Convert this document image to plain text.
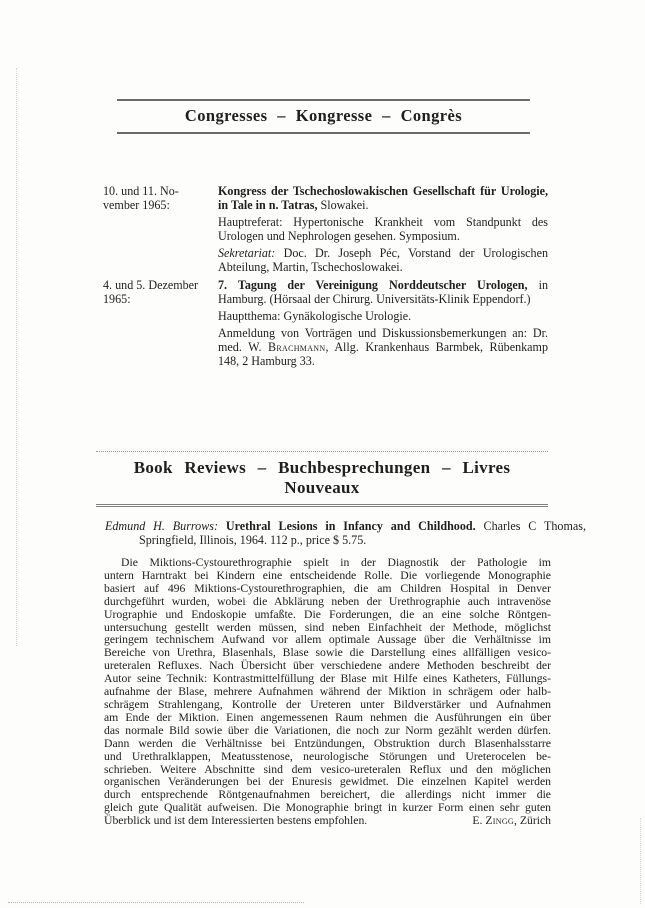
Congresses – Kongresse – Congrès
10. und 11. No-
vember 1965:

Kongress der Tschechoslowakischen Gesellschaft für Urologie, in Tale in n. Tatras, Slowakei.

Hauptreferat: Hypertonische Krankheit vom Standpunkt des Urologen und Nephrologen gesehen. Symposium.

Sekretariat: Doc. Dr. Joseph Péc, Vorstand der Urologischen Abteilung, Martin, Tschechoslowakei.

4. und 5. Dezember
1965:

7. Tagung der Vereinigung Norddeutscher Urologen, in Hamburg. (Hörsaal der Chirurg. Universitäts-Klinik Eppendorf.)

Hauptthema: Gynäkologische Urologie.

Anmeldung von Vorträgen und Diskussionsbemerkungen an: Dr. med. W. Brachmann, Allg. Krankenhaus Barmbek, Rübenkamp 148, 2 Hamburg 33.

Book Reviews – Buchbesprechungen – Livres Nouveaux

Edmund H. Burrows: Urethral Lesions in Infancy and Childhood. Charles C Thomas, Springfield, Illinois, 1964. 112 p., price $ 5.75.

Die Miktions-Cystourethrographie spielt in der Diagnostik der Pathologie im
untern Harntrakt bei Kindern eine entscheidende Rolle. Die vorliegende Monographie
basiert auf 496 Miktions-Cystourethrographien, die am Children Hospital in Denver
durchgeführt wurden, wobei die Abklärung neben der Urethrographie auch intravenöse
Urographie und Endoskopie umfaßte. Die Forderungen, die an eine solche Röntgen-
untersuchung gestellt werden müssen, sind neben Einfachheit der Methode, möglichst
geringem technischem Aufwand vor allem optimale Aussage über die Verhältnisse im
Bereiche von Urethra, Blasenhals, Blase sowie die Darstellung eines allfälligen vesico-
ureteralen Refluxes. Nach Übersicht über verschiedene andere Methoden beschreibt der
Autor seine Technik: Kontrastmittelfüllung der Blase mit Hilfe eines Katheters, Füllungs-
aufnahme der Blase, mehrere Aufnahmen während der Miktion in schrägem oder halb-
schrägem Strahlengang, Kontrolle der Ureteren unter Bildverstärker und Aufnahmen
am Ende der Miktion. Einen angemessenen Raum nehmen die Ausführungen ein über
das normale Bild sowie über die Variationen, die noch zur Norm gezählt werden dürfen.
Dann werden die Verhältnisse bei Entzündungen, Obstruktion durch Blasenhalsstarre
und Urethralklappen, Meatusstenose, neurologische Störungen und Ureterocelen be-
schrieben. Weitere Abschnitte sind dem vesico-ureteralen Reflux und den möglichen
organischen Veränderungen bei der Enuresis gewidmet. Die einzelnen Kapitel werden
durch entsprechende Röntgenaufnahmen bereichert, die allerdings nicht immer die
gleich gute Qualität aufweisen. Die Monographie bringt in kurzer Form einen sehr guten
Überblick und ist dem Interessierten bestens empfohlen.	E. Zingg, Zürich
